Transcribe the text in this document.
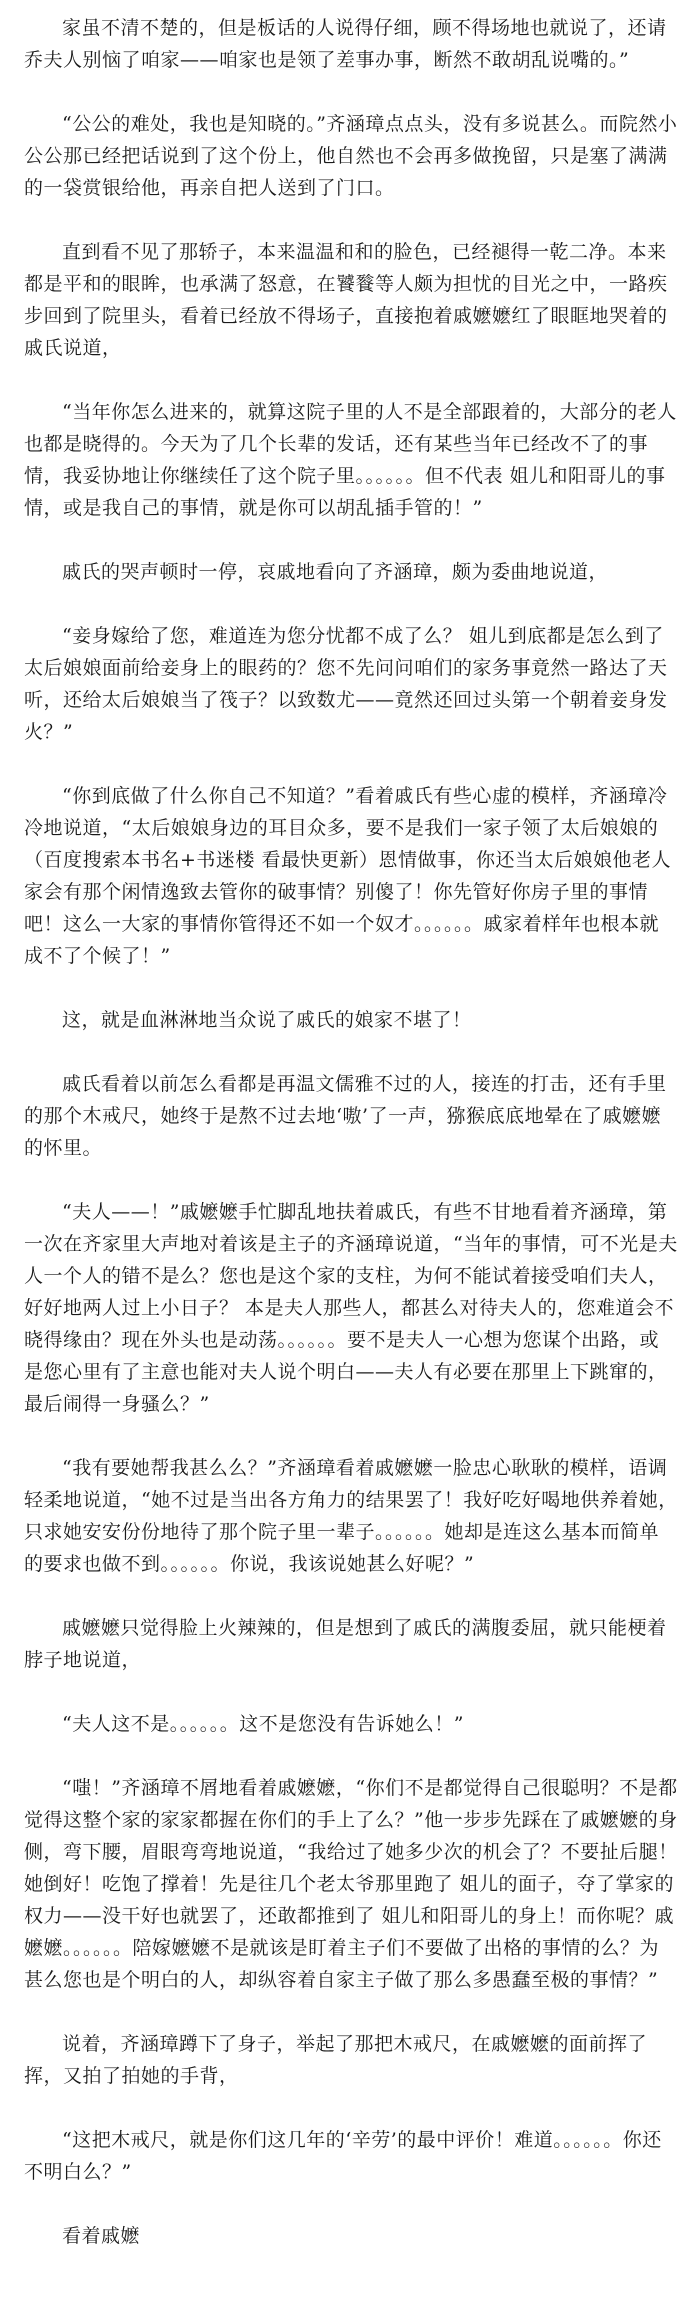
家虽不清不楚的，但是板话的人说得仔细，顾不得场地也就说了，还请乔夫人别恼了咱家——咱家也是领了差事办事，断然不敢胡乱说嘴的。”

“公公的难处，我也是知晓的。”齐涵璋点点头，没有多说甚么。而院然小公公那已经把话说到了这个份上，他自然也不会再多做挽留，只是塞了满满的一袋赏银给他，再亲自把人送到了门口。

直到看不见了那轿子，本来温温和和的脸色，已经褪得一乾二净。本来都是平和的眼眸，也承满了怒意，在饕餮等人颇为担忧的目光之中，一路疾步回到了院里头，看着已经放不得场子，直接抱着戚嬷嬷红了眼眶地哭着的戚氏说道，

“当年你怎么进来的，就算这院子里的人不是全部跟着的，大部分的老人也都是晓得的。今天为了几个长辈的发话，还有某些当年已经改不了的事情，我妥协地让你继续任了这个院子里。。。。。。但不代表 姐儿和阳哥儿的事情，或是我自己的事情，就是你可以胡乱插手管的！”

戚氏的哭声顿时一停，哀戚地看向了齐涵璋，颇为委曲地说道，

“妾身嫁给了您，难道连为您分忧都不成了么？ 姐儿到底都是怎么到了太后娘娘面前给妾身上的眼药的？您不先问问咱们的家务事竟然一路达了天听，还给太后娘娘当了筏子？以致数尤——竟然还回过头第一个朝着妾身发火？”

“你到底做了什么你自己不知道？”看着戚氏有些心虚的模样，齐涵璋冷冷地说道，“太后娘娘身边的耳目众多，要不是我们一家子领了太后娘娘的（百度搜索本书名+书迷楼 看最快更新）恩情做事，你还当太后娘娘他老人家会有那个闲情逸致去管你的破事情？别傻了！你先管好你房子里的事情吧！这么一大家的事情你管得还不如一个奴才。。。。。。戚家着样年也根本就成不了个候了！”

这，就是血淋淋地当众说了戚氏的娘家不堪了！

戚氏看着以前怎么看都是再温文儒雅不过的人，接连的打击，还有手里的那个木戒尺，她终于是熬不过去地‘嗷’了一声，猕猴底底地晕在了戚嬷嬷的怀里。

“夫人——！”戚嬷嬷手忙脚乱地扶着戚氏，有些不甘地看着齐涵璋，第一次在齐家里大声地对着该是主子的齐涵璋说道，“当年的事情，可不光是夫人一个人的错不是么？您也是这个家的支柱，为何不能试着接受咱们夫人，好好地两人过上小日子？ 本是夫人那些人，都甚么对待夫人的，您难道会不晓得缘由？现在外头也是动荡。。。。。。要不是夫人一心想为您谋个出路，或是您心里有了主意也能对夫人说个明白——夫人有必要在那里上下跳窜的，最后闹得一身骚么？”

“我有要她帮我甚么么？”齐涵璋看着戚嬷嬷一脸忠心耿耿的模样，语调轻柔地说道，“她不过是当出各方角力的结果罢了！我好吃好喝地供养着她，只求她安安份份地待了那个院子里一辈子。。。。。。她却是连这么基本而简单的要求也做不到。。。。。。你说，我该说她甚么好呢？”

戚嬷嬷只觉得脸上火辣辣的，但是想到了戚氏的满腹委屈，就只能梗着脖子地说道，

“夫人这不是。。。。。。这不是您没有告诉她么！”

“嗤！”齐涵璋不屑地看着戚嬷嬷，“你们不是都觉得自己很聪明？不是都觉得这整个家的家家都握在你们的手上了么？”他一步步先踩在了戚嬷嬷的身侧，弯下腰，眉眼弯弯地说道，“我给过了她多少次的机会了？不要扯后腿！她倒好！吃饱了撑着！先是往几个老太爷那里跑了 姐儿的面子，夺了掌家的权力——没干好也就罢了，还敢都推到了 姐儿和阳哥儿的身上！而你呢？戚嬷嬷。。。。。。陪嫁嬷嬷不是就该是盯着主子们不要做了出格的事情的么？为甚么您也是个明白的人，却纵容着自家主子做了那么多愚蠢至极的事情？”

说着，齐涵璋蹲下了身子，举起了那把木戒尺，在戚嬷嬷的面前挥了挥，又拍了拍她的手背，

“这把木戒尺，就是你们这几年的‘辛劳’的最中评价！难道。。。。。。你还不明白么？”

看着戚嬷
